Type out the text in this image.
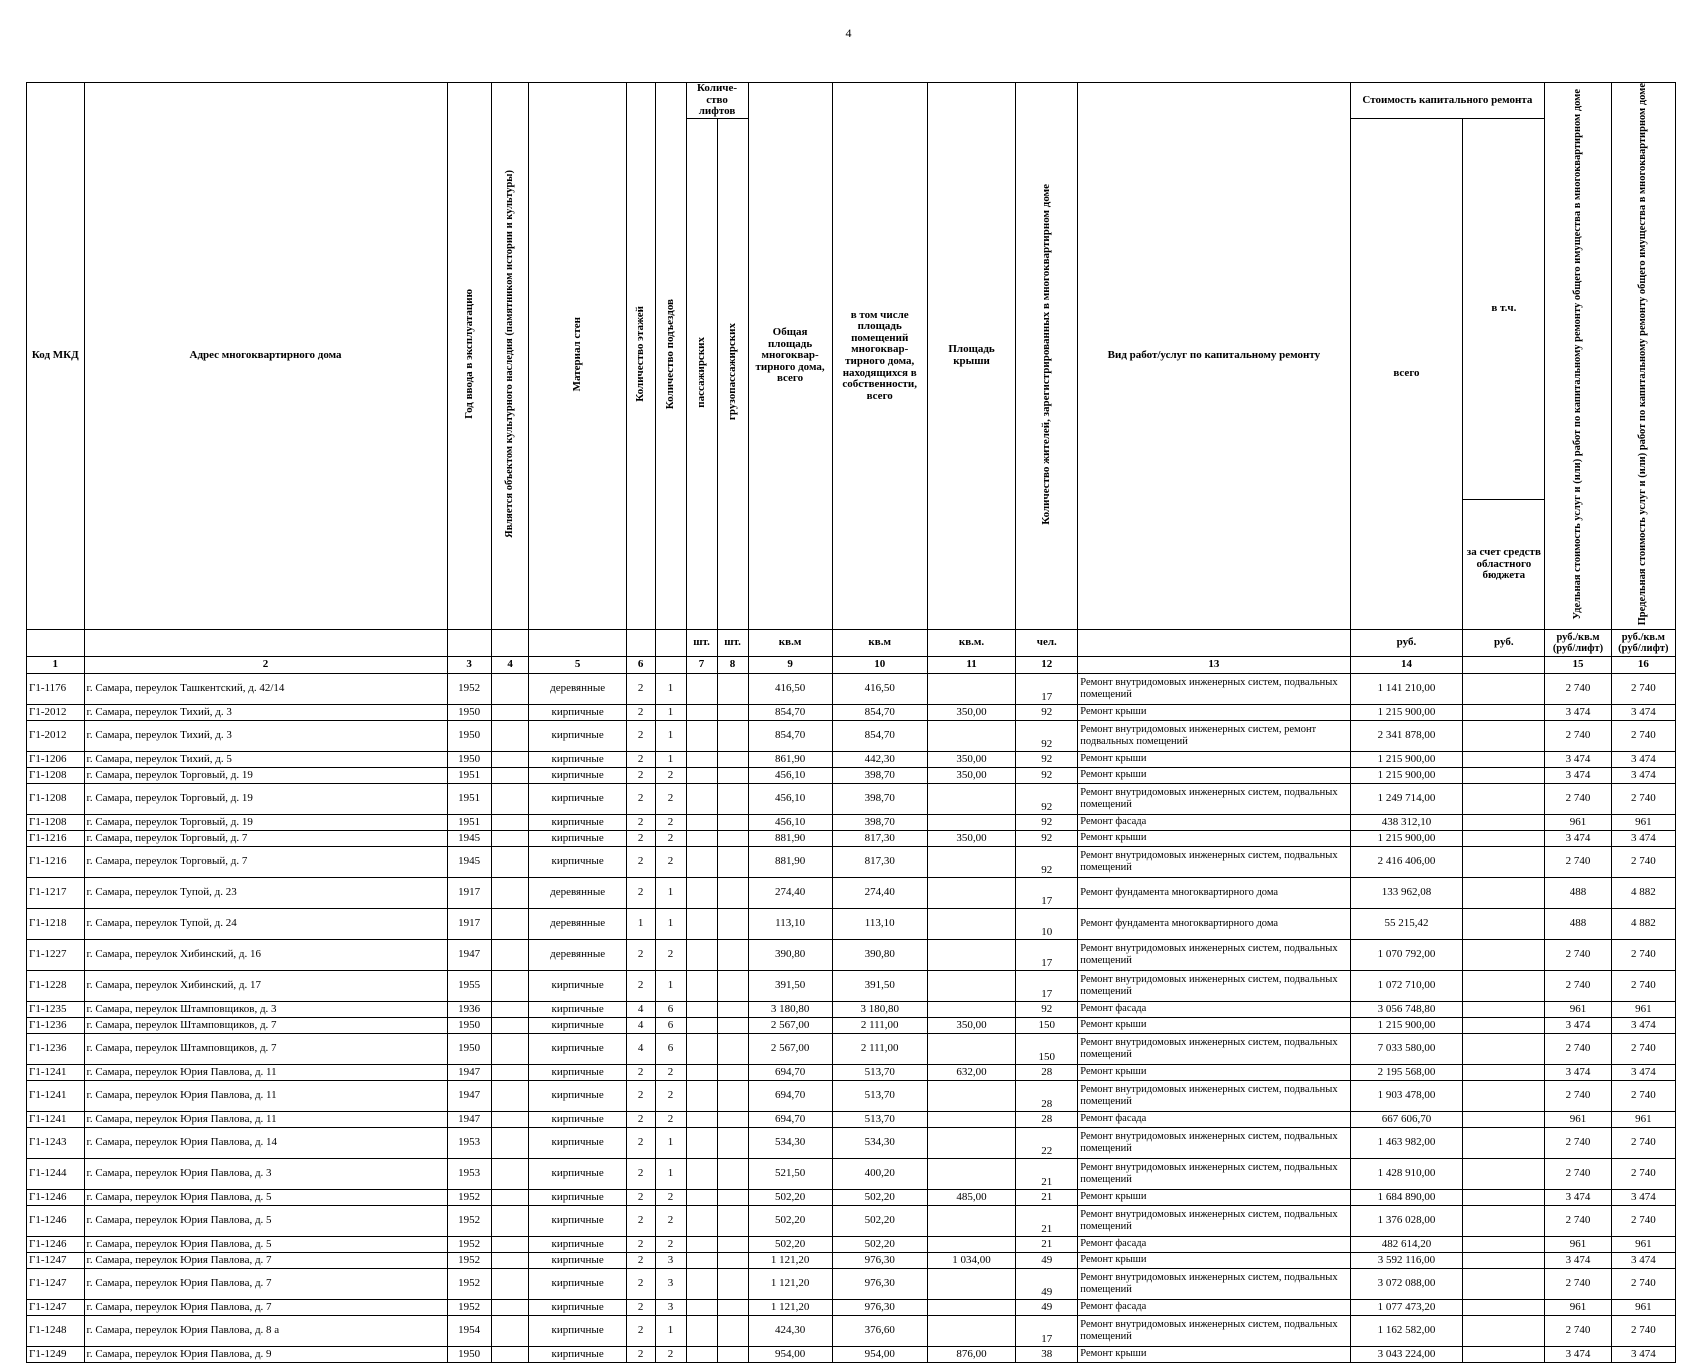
4
Код МКД	Адрес многоквартирного дома	Год ввода в эксплуатацию	Является объектом культурного наследия (памятником истории и культуры)	Материал стен	Количество этажей	Количество подъездов	Количе-ство лифтов		Общая площадь многоквар-тирного дома, всего	в том числе площадь помещений многоквар-тирного дома, находящихся в собственности, всего	Площадь крыши	Количество жителей, зарегистрированных в многоквартирном доме	Вид работ/услуг по капитальному ремонту	Стоимость капитального ремонта		Удельная стоимость услуг и (или) работ по капитальному ремонту общего имущества в многоквартирном доме	Предельная стоимость услуг и (или) работ по капитальному ремонту общего имущества в многоквартирном доме
							пассажирских	грузопассажирских						всего	в т.ч.		
															за счет средств областного бюджета		
							шт.	шт.	кв.м	кв.м	кв.м.	чел.		руб.	руб.	руб./кв.м (руб/лифт)	руб./кв.м (руб/лифт)
1	2	3	4	5	6		7	8	9	10	11	12	13	14		15	16
Г1-1176	г. Самара, переулок Ташкентский, д. 42/14	1952		деревянные	2	1			416,50	416,50		17	Ремонт внутридомовых инженерных систем, подвальных помещений	1 141 210,00		2 740	2 740
Г1-2012	г. Самара, переулок Тихий, д. 3	1950		кирпичные	2	1			854,70	854,70	350,00	92	Ремонт крыши	1 215 900,00		3 474	3 474
Г1-2012	г. Самара, переулок Тихий, д. 3	1950		кирпичные	2	1			854,70	854,70		92	Ремонт внутридомовых инженерных систем, ремонт подвальных помещений	2 341 878,00		2 740	2 740
Г1-1206	г. Самара, переулок Тихий, д. 5	1950		кирпичные	2	1			861,90	442,30	350,00	92	Ремонт крыши	1 215 900,00		3 474	3 474
Г1-1208	г. Самара, переулок Торговый, д. 19	1951		кирпичные	2	2			456,10	398,70	350,00	92	Ремонт крыши	1 215 900,00		3 474	3 474
Г1-1208	г. Самара, переулок Торговый, д. 19	1951		кирпичные	2	2			456,10	398,70		92	Ремонт внутридомовых инженерных систем, подвальных помещений	1 249 714,00		2 740	2 740
Г1-1208	г. Самара, переулок Торговый, д. 19	1951		кирпичные	2	2			456,10	398,70		92	Ремонт фасада	438 312,10		961	961
Г1-1216	г. Самара, переулок Торговый, д. 7	1945		кирпичные	2	2			881,90	817,30	350,00	92	Ремонт крыши	1 215 900,00		3 474	3 474
Г1-1216	г. Самара, переулок Торговый, д. 7	1945		кирпичные	2	2			881,90	817,30		92	Ремонт внутридомовых инженерных систем, подвальных помещений	2 416 406,00		2 740	2 740
Г1-1217	г. Самара, переулок Тупой, д. 23	1917		деревянные	2	1			274,40	274,40		17	Ремонт фундамента многоквартирного дома	133 962,08		488	4 882
Г1-1218	г. Самара, переулок Тупой, д. 24	1917		деревянные	1	1			113,10	113,10		10	Ремонт фундамента многоквартирного дома	55 215,42		488	4 882
Г1-1227	г. Самара, переулок Хибинский, д. 16	1947		деревянные	2	2			390,80	390,80		17	Ремонт внутридомовых инженерных систем, подвальных помещений	1 070 792,00		2 740	2 740
Г1-1228	г. Самара, переулок Хибинский, д. 17	1955		кирпичные	2	1			391,50	391,50		17	Ремонт внутридомовых инженерных систем, подвальных помещений	1 072 710,00		2 740	2 740
Г1-1235	г. Самара, переулок Штамповщиков, д. 3	1936		кирпичные	4	6			3 180,80	3 180,80		92	Ремонт фасада	3 056 748,80		961	961
Г1-1236	г. Самара, переулок Штамповщиков, д. 7	1950		кирпичные	4	6			2 567,00	2 111,00	350,00	150	Ремонт крыши	1 215 900,00		3 474	3 474
Г1-1236	г. Самара, переулок Штамповщиков, д. 7	1950		кирпичные	4	6			2 567,00	2 111,00		150	Ремонт внутридомовых инженерных систем, подвальных помещений	7 033 580,00		2 740	2 740
Г1-1241	г. Самара, переулок Юрия Павлова, д. 11	1947		кирпичные	2	2			694,70	513,70	632,00	28	Ремонт крыши	2 195 568,00		3 474	3 474
Г1-1241	г. Самара, переулок Юрия Павлова, д. 11	1947		кирпичные	2	2			694,70	513,70		28	Ремонт внутридомовых инженерных систем, подвальных помещений	1 903 478,00		2 740	2 740
Г1-1241	г. Самара, переулок Юрия Павлова, д. 11	1947		кирпичные	2	2			694,70	513,70		28	Ремонт фасада	667 606,70		961	961
Г1-1243	г. Самара, переулок Юрия Павлова, д. 14	1953		кирпичные	2	1			534,30	534,30		22	Ремонт внутридомовых инженерных систем, подвальных помещений	1 463 982,00		2 740	2 740
Г1-1244	г. Самара, переулок Юрия Павлова, д. 3	1953		кирпичные	2	1			521,50	400,20		21	Ремонт внутридомовых инженерных систем, подвальных помещений	1 428 910,00		2 740	2 740
Г1-1246	г. Самара, переулок Юрия Павлова, д. 5	1952		кирпичные	2	2			502,20	502,20	485,00	21	Ремонт крыши	1 684 890,00		3 474	3 474
Г1-1246	г. Самара, переулок Юрия Павлова, д. 5	1952		кирпичные	2	2			502,20	502,20		21	Ремонт внутридомовых инженерных систем, подвальных помещений	1 376 028,00		2 740	2 740
Г1-1246	г. Самара, переулок Юрия Павлова, д. 5	1952		кирпичные	2	2			502,20	502,20		21	Ремонт фасада	482 614,20		961	961
Г1-1247	г. Самара, переулок Юрия Павлова, д. 7	1952		кирпичные	2	3			1 121,20	976,30	1 034,00	49	Ремонт крыши	3 592 116,00		3 474	3 474
Г1-1247	г. Самара, переулок Юрия Павлова, д. 7	1952		кирпичные	2	3			1 121,20	976,30		49	Ремонт внутридомовых инженерных систем, подвальных помещений	3 072 088,00		2 740	2 740
Г1-1247	г. Самара, переулок Юрия Павлова, д. 7	1952		кирпичные	2	3			1 121,20	976,30		49	Ремонт фасада	1 077 473,20		961	961
Г1-1248	г. Самара, переулок Юрия Павлова, д. 8 а	1954		кирпичные	2	1			424,30	376,60		17	Ремонт внутридомовых инженерных систем, подвальных помещений	1 162 582,00		2 740	2 740
Г1-1249	г. Самара, переулок Юрия Павлова, д. 9	1950		кирпичные	2	2			954,00	954,00	876,00	38	Ремонт крыши	3 043 224,00		3 474	3 474
